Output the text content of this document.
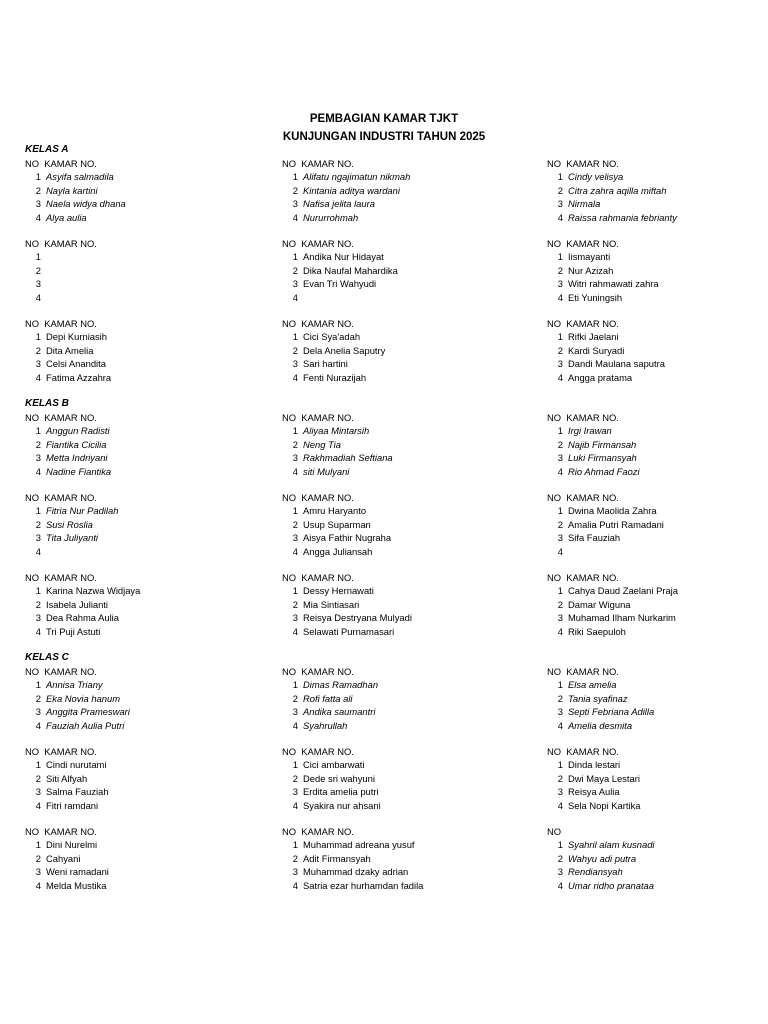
PEMBAGIAN KAMAR TJKT
KUNJUNGAN INDUSTRI TAHUN 2025
KELAS A
NO  KAMAR NO.
1 Asyifa salmadila
2 Nayla kartini
3 Naela widya dhana
4 Alya aulia
NO  KAMAR NO.
1 Alifatu ngajimatun nikmah
2 Kintania aditya wardani
3 Nafisa jelita laura
4 Nururrohmah
NO  KAMAR NO.
1 Cindy velisya
2 Citra zahra aqilla miftah
3 Nirmala
4 Raissa rahmania febrianty
NO  KAMAR NO.
1
2
3
4
NO  KAMAR NO.
1 Andika Nur Hidayat
2 Dika Naufal Mahardika
3 Evan Tri Wahyudi
4
NO  KAMAR NO.
1 Iismayanti
2 Nur Azizah
3 Witri rahmawati zahra
4 Eti Yuningsih
NO  KAMAR NO.
1 Depi Kurniasih
2 Dita Amelia
3 Celsi Anandita
4 Fatima Azzahra
NO  KAMAR NO.
1 Cici Sya'adah
2 Dela Anelia Saputry
3 Sari hartini
4 Fenti Nurazijah
NO  KAMAR NO.
1 Rifki Jaelani
2 Kardi Suryadi
3 Dandi Maulana saputra
4 Angga pratama
KELAS B
NO  KAMAR NO.
1 Anggun Radisti
2 Fiantika Cicilia
3 Metta Indriyani
4 Nadine Fiantika
NO  KAMAR NO.
1 Aliyaa Mintarsih
2 Neng Tia
3 Rakhmadiah Seftiana
4 siti Mulyani
NO  KAMAR NO.
1 Irgi Irawan
2 Najib Firmansah
3 Luki Firmansyah
4 Rio Ahmad Faozi
NO  KAMAR NO.
1 Fitria Nur Padilah
2 Susi Roslia
3 Tita Juliyanti
4
NO  KAMAR NO.
1 Amru Haryanto
2 Usup Suparman
3 Aisya Fathir Nugraha
4 Angga Juliansah
NO  KAMAR NO.
1 Dwina Maolida Zahra
2 Amalia Putri Ramadani
3 Sifa Fauziah
4
NO  KAMAR NO.
1 Karina Nazwa Widjaya
2 Isabela Julianti
3 Dea Rahma Aulia
4 Tri Puji Astuti
NO  KAMAR NO.
1 Dessy Hernawati
2 Mia Sintiasari
3 Reisya Destryana Mulyadi
4 Selawati Purnamasari
NO  KAMAR NO.
1 Cahya Daud Zaelani Praja
2 Damar Wiguna
3 Muhamad Ilham Nurkarim
4 Riki Saepuloh
KELAS C
NO  KAMAR NO.
1 Annisa Triany
2 Eka Novia hanum
3 Anggita Prameswari
4 Fauziah Aulia Putri
NO  KAMAR NO.
1 Dimas Ramadhan
2 Rofi fatta ali
3 Andika saumantri
4 Syahrullah
NO  KAMAR NO.
1 Elsa amelia
2 Tania syafinaz
3 Septi Febriana Adilla
4 Amelia desmita
NO  KAMAR NO.
1 Cindi nurutami
2 Siti Alfyah
3 Salma Fauziah
4 Fitri ramdani
NO  KAMAR NO.
1 Cici ambarwati
2 Dede sri wahyuni
3 Erdita amelia putri
4 Syakira nur ahsani
NO  KAMAR NO.
1 Dinda lestari
2 Dwi Maya Lestari
3 Reisya Aulia
4 Sela Nopi Kartika
NO  KAMAR NO.
1 Dini Nurelmi
2 Cahyani
3 Weni ramadani
4 Melda Mustika
NO  KAMAR NO.
1 Muhammad adreana yusuf
2 Adit Firmansyah
3 Muhammad dzaky adrian
4 Satria ezar hurhamdan fadila
NO
1 Syahril alam kusnadi
2 Wahyu adi putra
3 Rendiansyah
4 Umar ridho pranataa
